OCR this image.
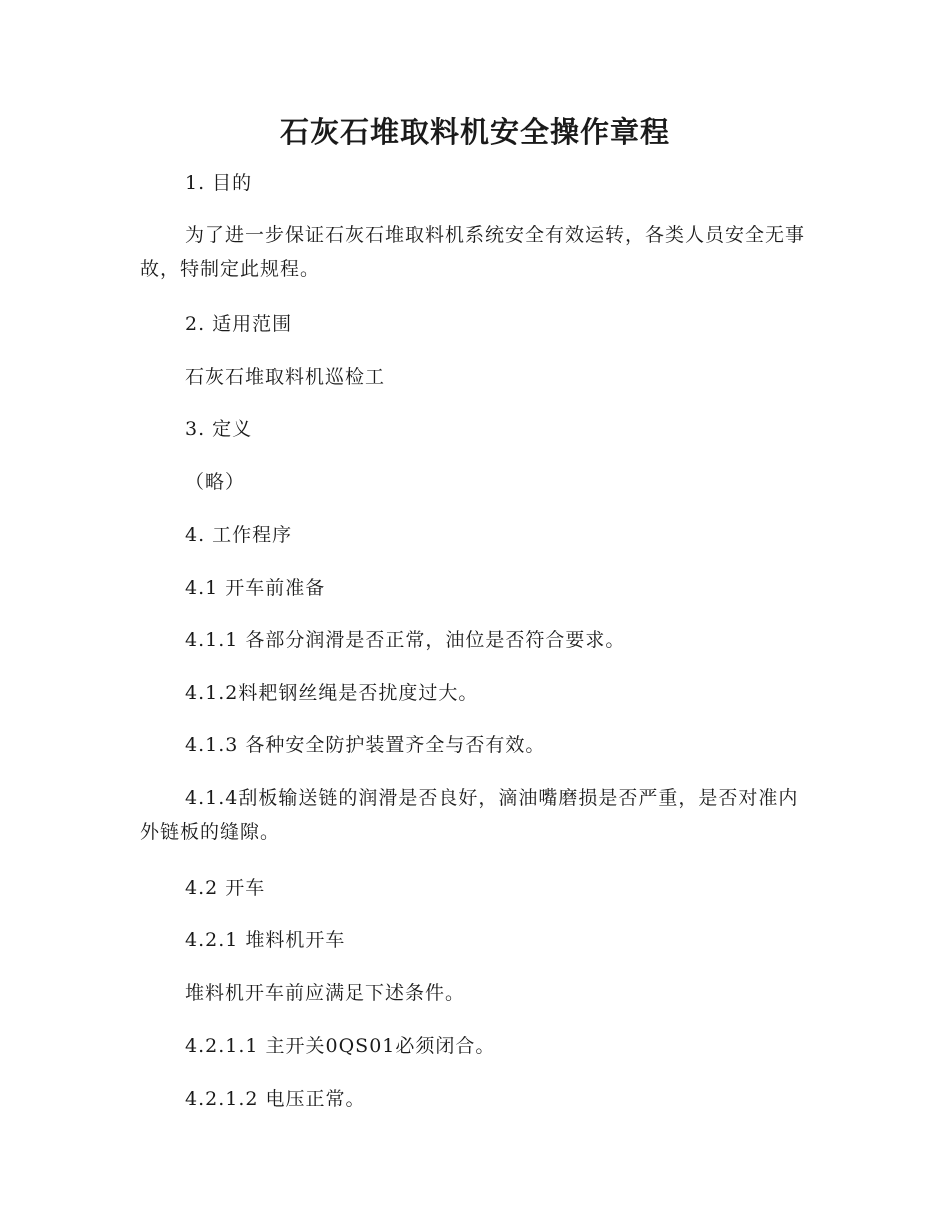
石灰石堆取料机安全操作章程
1. 目的
为了进一步保证石灰石堆取料机系统安全有效运转，各类人员安全无事故，特制定此规程。
2. 适用范围
石灰石堆取料机巡检工
3. 定义
（略）
4. 工作程序
4.1 开车前准备
4.1.1 各部分润滑是否正常，油位是否符合要求。
4.1.2料耙钢丝绳是否扰度过大。
4.1.3 各种安全防护装置齐全与否有效。
4.1.4刮板输送链的润滑是否良好，滴油嘴磨损是否严重，是否对准内外链板的缝隙。
4.2 开车
4.2.1 堆料机开车
堆料机开车前应满足下述条件。
4.2.1.1 主开关0QS01必须闭合。
4.2.1.2 电压正常。
